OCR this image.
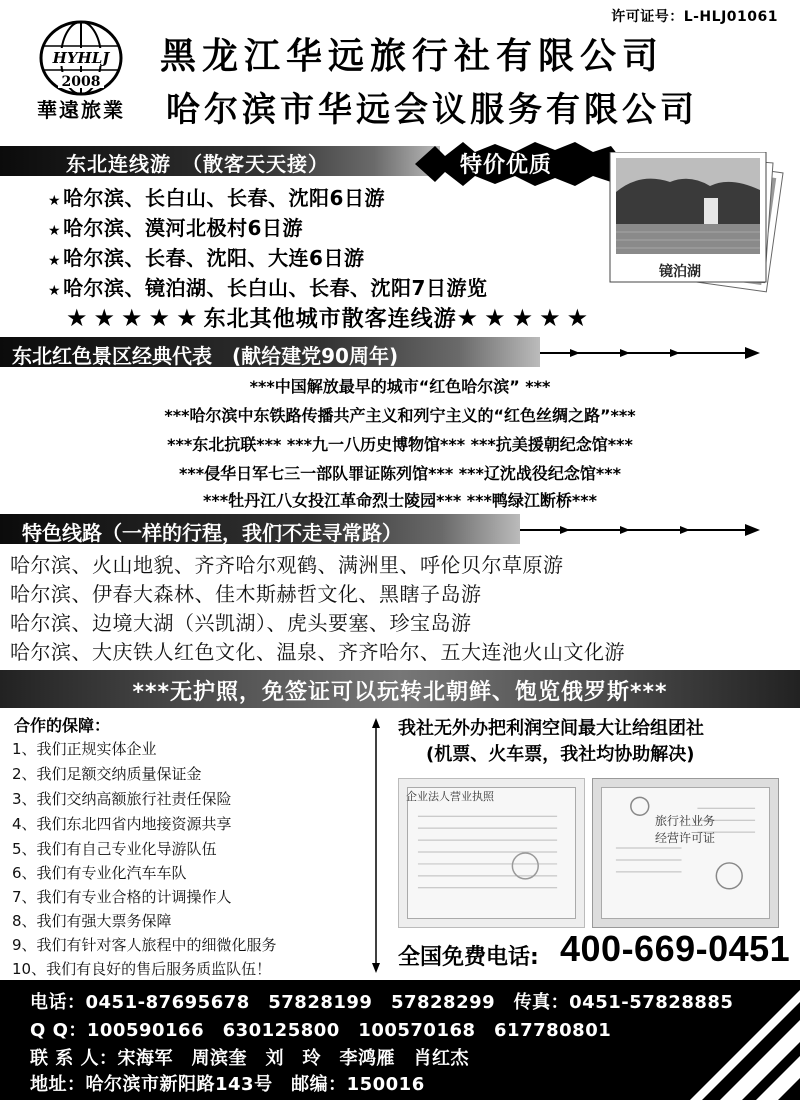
许可证号：L-HLJ01061
HYHLJ
2008
華遠旅業
黑龙江华远旅行社有限公司
哈尔滨市华远会议服务有限公司
东北连线游　（散客天天接）	特价优质
★ 哈尔滨、长白山、长春、沈阳6日游
★ 哈尔滨、漠河北极村6日游
★ 哈尔滨、长春、沈阳、大连6日游
★ 哈尔滨、镜泊湖、长白山、长春、沈阳7日游览
镜泊湖
★★★★★东北其他城市散客连线游★★★★★
东北红色景区经典代表　(献给建党90周年)
***中国解放最早的城市“红色哈尔滨” ***
***哈尔滨中东铁路传播共产主义和列宁主义的“红色丝绸之路”***
***东北抗联*** ***九一八历史博物馆*** ***抗美援朝纪念馆***
***侵华日军七三一部队罪证陈列馆*** ***辽沈战役纪念馆***
***牡丹江八女投江革命烈士陵园*** ***鸭绿江断桥***
特色线路（一样的行程，我们不走寻常路）
哈尔滨、火山地貌、齐齐哈尔观鹤、满洲里、呼伦贝尔草原游
哈尔滨、伊春大森林、佳木斯赫哲文化、黑瞎子岛游
哈尔滨、边境大湖（兴凯湖）、虎头要塞、珍宝岛游
哈尔滨、大庆铁人红色文化、温泉、齐齐哈尔、五大连池火山文化游
***无护照，免签证可以玩转北朝鲜、饱览俄罗斯***
合作的保障：
1、我们正规实体企业
2、我们足额交纳质量保证金
3、我们交纳高额旅行社责任保险
4、我们东北四省内地接资源共享
5、我们有自己专业化导游队伍
6、我们有专业化汽车车队
7、我们有专业合格的计调操作人
8、我们有强大票务保障
9、我们有针对客人旅程中的细微化服务
10、我们有良好的售后服务质监队伍！
我社无外办把利润空间最大让给组团社
(机票、火车票，我社均协助解决)
企业法人营业执照
旅行社业务
经营许可证
全国免费电话: 400-669-0451
电话：0451-87695678　57828199　57828299　传真：0451-57828885
Q Q：100590166　630125800　100570168　617780801
联 系 人：宋海军　周滨奎　刘　玲　李鸿雁　肖红杰
地址：哈尔滨市新阳路143号　邮编：150016
